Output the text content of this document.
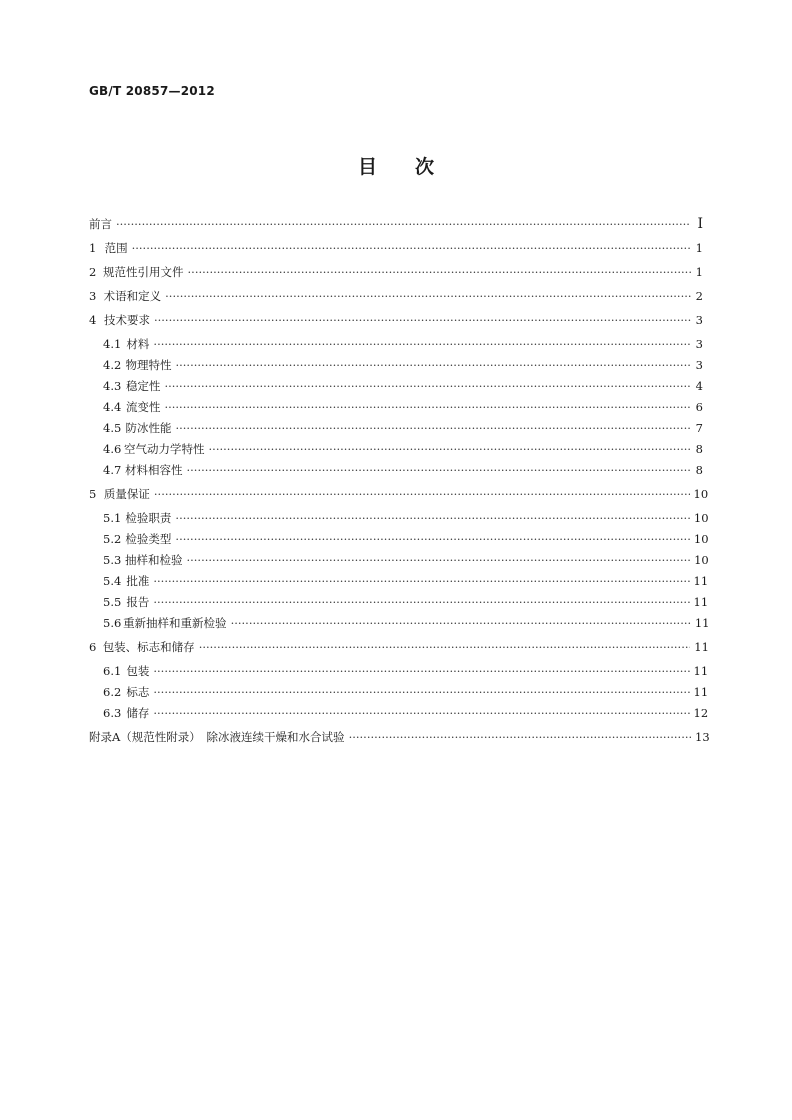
GB/T 20857—2012
目次
前言 ·····	Ⅰ
1 范围 ·····	1
2 规范性引用文件 ·····	1
3 术语和定义 ·····	2
4 技术要求 ·····	3
4.1 材料 ·····	3
4.2 物理特性 ·····	3
4.3 稳定性 ·····	4
4.4 流变性 ·····	6
4.5 防冰性能 ·····	7
4.6 空气动力学特性 ·····	8
4.7 材料相容性 ·····	8
5 质量保证 ·····	10
5.1 检验职责 ·····	10
5.2 检验类型 ·····	10
5.3 抽样和检验 ·····	10
5.4 批准 ·····	11
5.5 报告 ·····	11
5.6 重新抽样和重新检验 ·····	11
6 包装、标志和储存 ·····	11
6.1 包装 ·····	11
6.2 标志 ·····	11
6.3 储存 ·····	12
附录A（规范性附录）　除冰液连续干燥和水合试验 ·····	13
